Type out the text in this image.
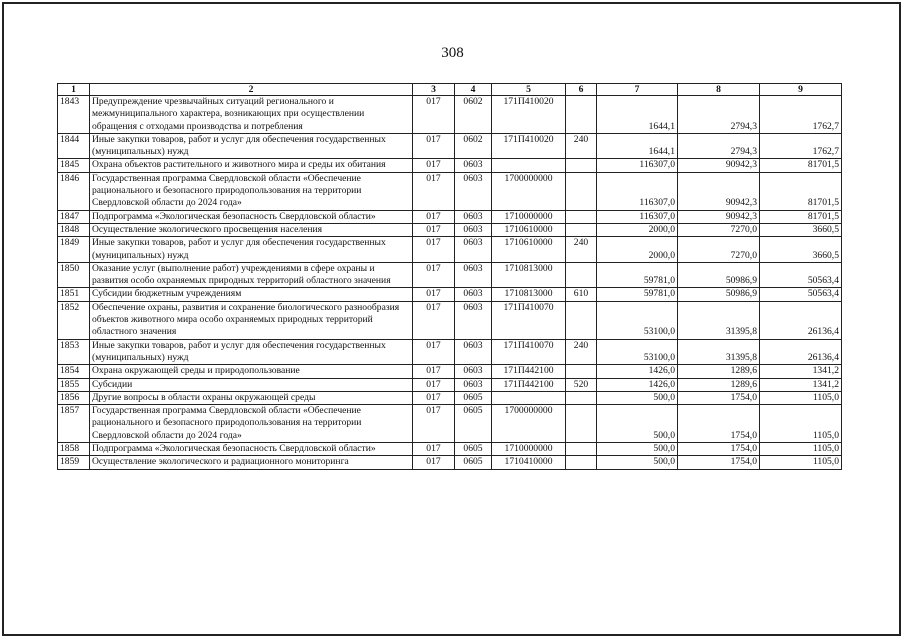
308
1	2	3	4	5	6	7	8	9
1843	Предупреждение чрезвычайных ситуаций регионального и межмуниципального характера, возникающих при осуществлении обращения с отходами производства и потребления	017	0602	171П410020		1644,1	2794,3	1762,7
1844	Иные закупки товаров, работ и услуг для обеспечения государственных (муниципальных) нужд	017	0602	171П410020	240	1644,1	2794,3	1762,7
1845	Охрана объектов растительного и животного мира и среды их обитания	017	0603			116307,0	90942,3	81701,5
1846	Государственная программа Свердловской области «Обеспечение рационального и безопасного природопользования на территории Свердловской области до 2024 года»	017	0603	1700000000		116307,0	90942,3	81701,5
1847	Подпрограмма «Экологическая безопасность Свердловской области»	017	0603	1710000000		116307,0	90942,3	81701,5
1848	Осуществление экологического просвещения населения	017	0603	1710610000		2000,0	7270,0	3660,5
1849	Иные закупки товаров, работ и услуг для обеспечения государственных (муниципальных) нужд	017	0603	1710610000	240	2000,0	7270,0	3660,5
1850	Оказание услуг (выполнение работ) учреждениями в сфере охраны и развития особо охраняемых природных территорий областного значения	017	0603	1710813000		59781,0	50986,9	50563,4
1851	Субсидии бюджетным учреждениям	017	0603	1710813000	610	59781,0	50986,9	50563,4
1852	Обеспечение охраны, развития и сохранение биологического разнообразия объектов животного мира особо охраняемых природных территорий областного значения	017	0603	171П410070		53100,0	31395,8	26136,4
1853	Иные закупки товаров, работ и услуг для обеспечения государственных (муниципальных) нужд	017	0603	171П410070	240	53100,0	31395,8	26136,4
1854	Охрана окружающей среды и природопользование	017	0603	171П442100		1426,0	1289,6	1341,2
1855	Субсидии	017	0603	171П442100	520	1426,0	1289,6	1341,2
1856	Другие вопросы в области охраны окружающей среды	017	0605			500,0	1754,0	1105,0
1857	Государственная программа Свердловской области «Обеспечение рационального и безопасного природопользования на территории Свердловской области до 2024 года»	017	0605	1700000000		500,0	1754,0	1105,0
1858	Подпрограмма «Экологическая безопасность Свердловской области»	017	0605	1710000000		500,0	1754,0	1105,0
1859	Осуществление экологического и радиационного мониторинга	017	0605	1710410000		500,0	1754,0	1105,0
